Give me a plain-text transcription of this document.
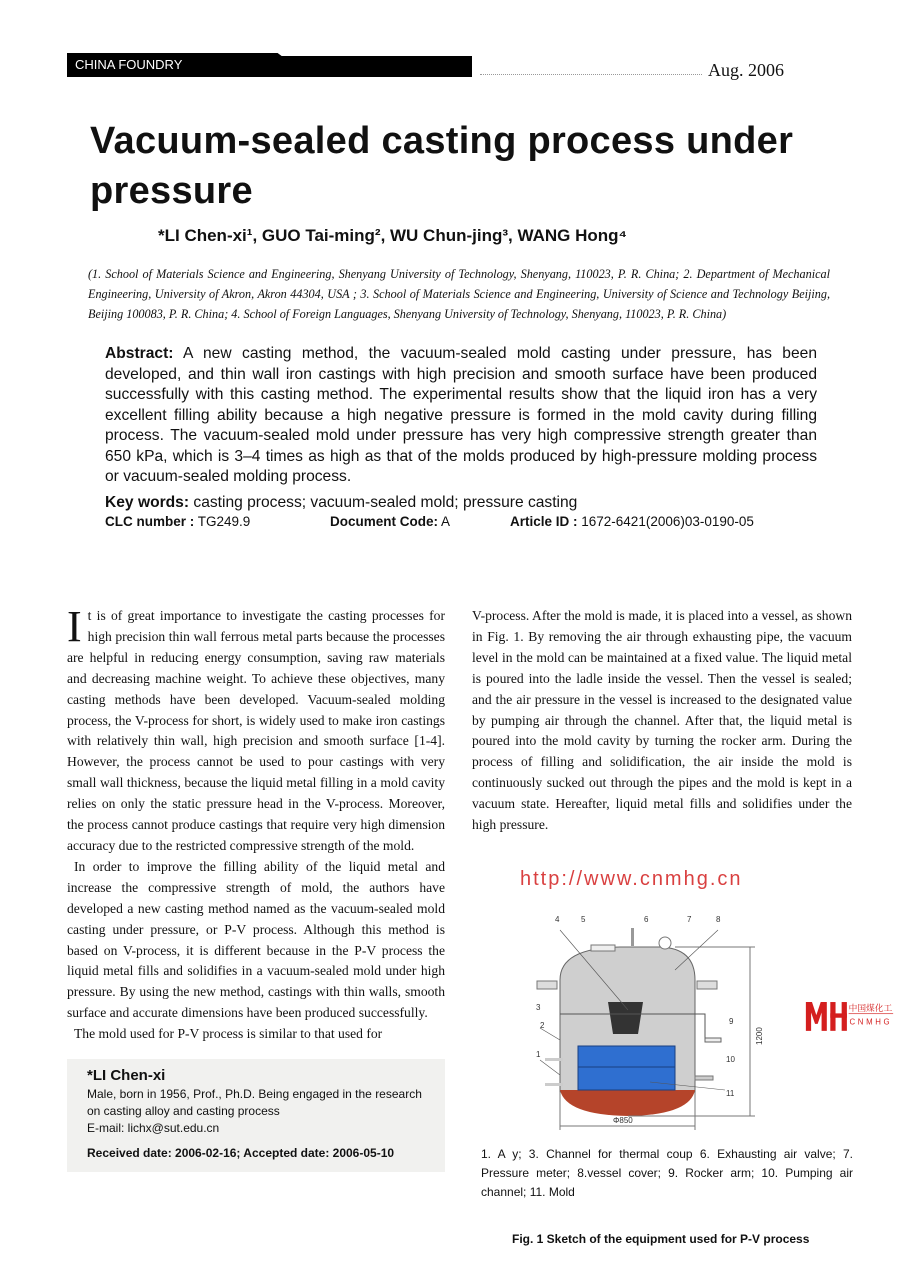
CHINA FOUNDRY	Aug. 2006
Vacuum-sealed casting process under pressure
*LI Chen-xi¹, GUO Tai-ming², WU Chun-jing³, WANG Hong⁴
(1. School of Materials Science and Engineering, Shenyang University of Technology, Shenyang, 110023, P. R. China; 2. Department of Mechanical Engineering, University of Akron, Akron 44304, USA ; 3. School of Materials Science and Engineering, University of Science and Technology Beijing, Beijing 100083, P. R. China; 4. School of Foreign Languages, Shenyang University of Technology, Shenyang, 110023, P. R. China)
Abstract: A new casting method, the vacuum-sealed mold casting under pressure, has been developed, and thin wall iron castings with high precision and smooth surface have been produced successfully with this casting method. The experimental results show that the liquid iron has a very excellent filling ability because a high negative pressure is formed in the mold cavity during filling process. The vacuum-sealed mold under pressure has very high compressive strength greater than 650 kPa, which is 3–4 times as high as that of the molds produced by high-pressure molding process or vacuum-sealed molding process.
Key words: casting process; vacuum-sealed mold; pressure casting
CLC number : TG249.9	Document Code: A	Article ID : 1672-6421(2006)03-0190-05

It is of great importance to investigate the casting processes for high precision thin wall ferrous metal parts because the processes are helpful in reducing energy consumption, saving raw materials and decreasing machine weight. To achieve these objectives, many casting methods have been developed. Vacuum-sealed molding process, the V-process for short, is widely used to make iron castings with relatively thin wall, high precision and smooth surface [1-4]. However, the process cannot be used to pour castings with very small wall thickness, because the liquid metal filling in a mold cavity relies on only the static pressure head in the V-process. Moreover, the process cannot produce castings that require very high dimension accuracy due to the restricted compressive strength of the mold.

In order to improve the filling ability of the liquid metal and increase the compressive strength of mold, the authors have developed a new casting method named as the vacuum-sealed mold casting under pressure, or P-V process. Although this method is based on V-process, it is different because in the P-V process the liquid metal fills and solidifies in a vacuum-sealed mold under high pressure. By using the new method, castings with thin walls, smooth surface and accurate dimensions have been produced successfully.

The mold used for P-V process is similar to that used for

*LI Chen-xi
Male, born in 1956, Prof., Ph.D. Being engaged in the research on casting alloy and casting process
E-mail: lichx@sut.edu.cn
Received date: 2006-02-16; Accepted date: 2006-05-10

V-process. After the mold is made, it is placed into a vessel, as shown in Fig. 1. By removing the air through exhausting pipe, the vacuum level in the mold can be maintained at a fixed value. The liquid metal is poured into the ladle inside the vessel. Then the vessel is sealed; and the air pressure in the vessel is increased to the designated value by pumping air through the channel. After that, the liquid metal is poured into the mold cavity by turning the rocker arm. During the process of filling and solidification, the air inside the mold is continuously sucked out through the pipes and the mold is kept in a vacuum state. Hereafter, liquid metal fills and solidifies under the high pressure.

http://www.cnmhg.cn
1
2
3
4	5	6	7	8
9
10
11
1200
Φ850
中国煤化工
CNMHG
1. A y; 3. Channel for thermal coup 6. Exhausting air valve; 7. Pressure meter; 8.vessel cover; 9. Rocker arm; 10. Pumping air channel; 11. Mold
Fig. 1 Sketch of the equipment used for P-V process
